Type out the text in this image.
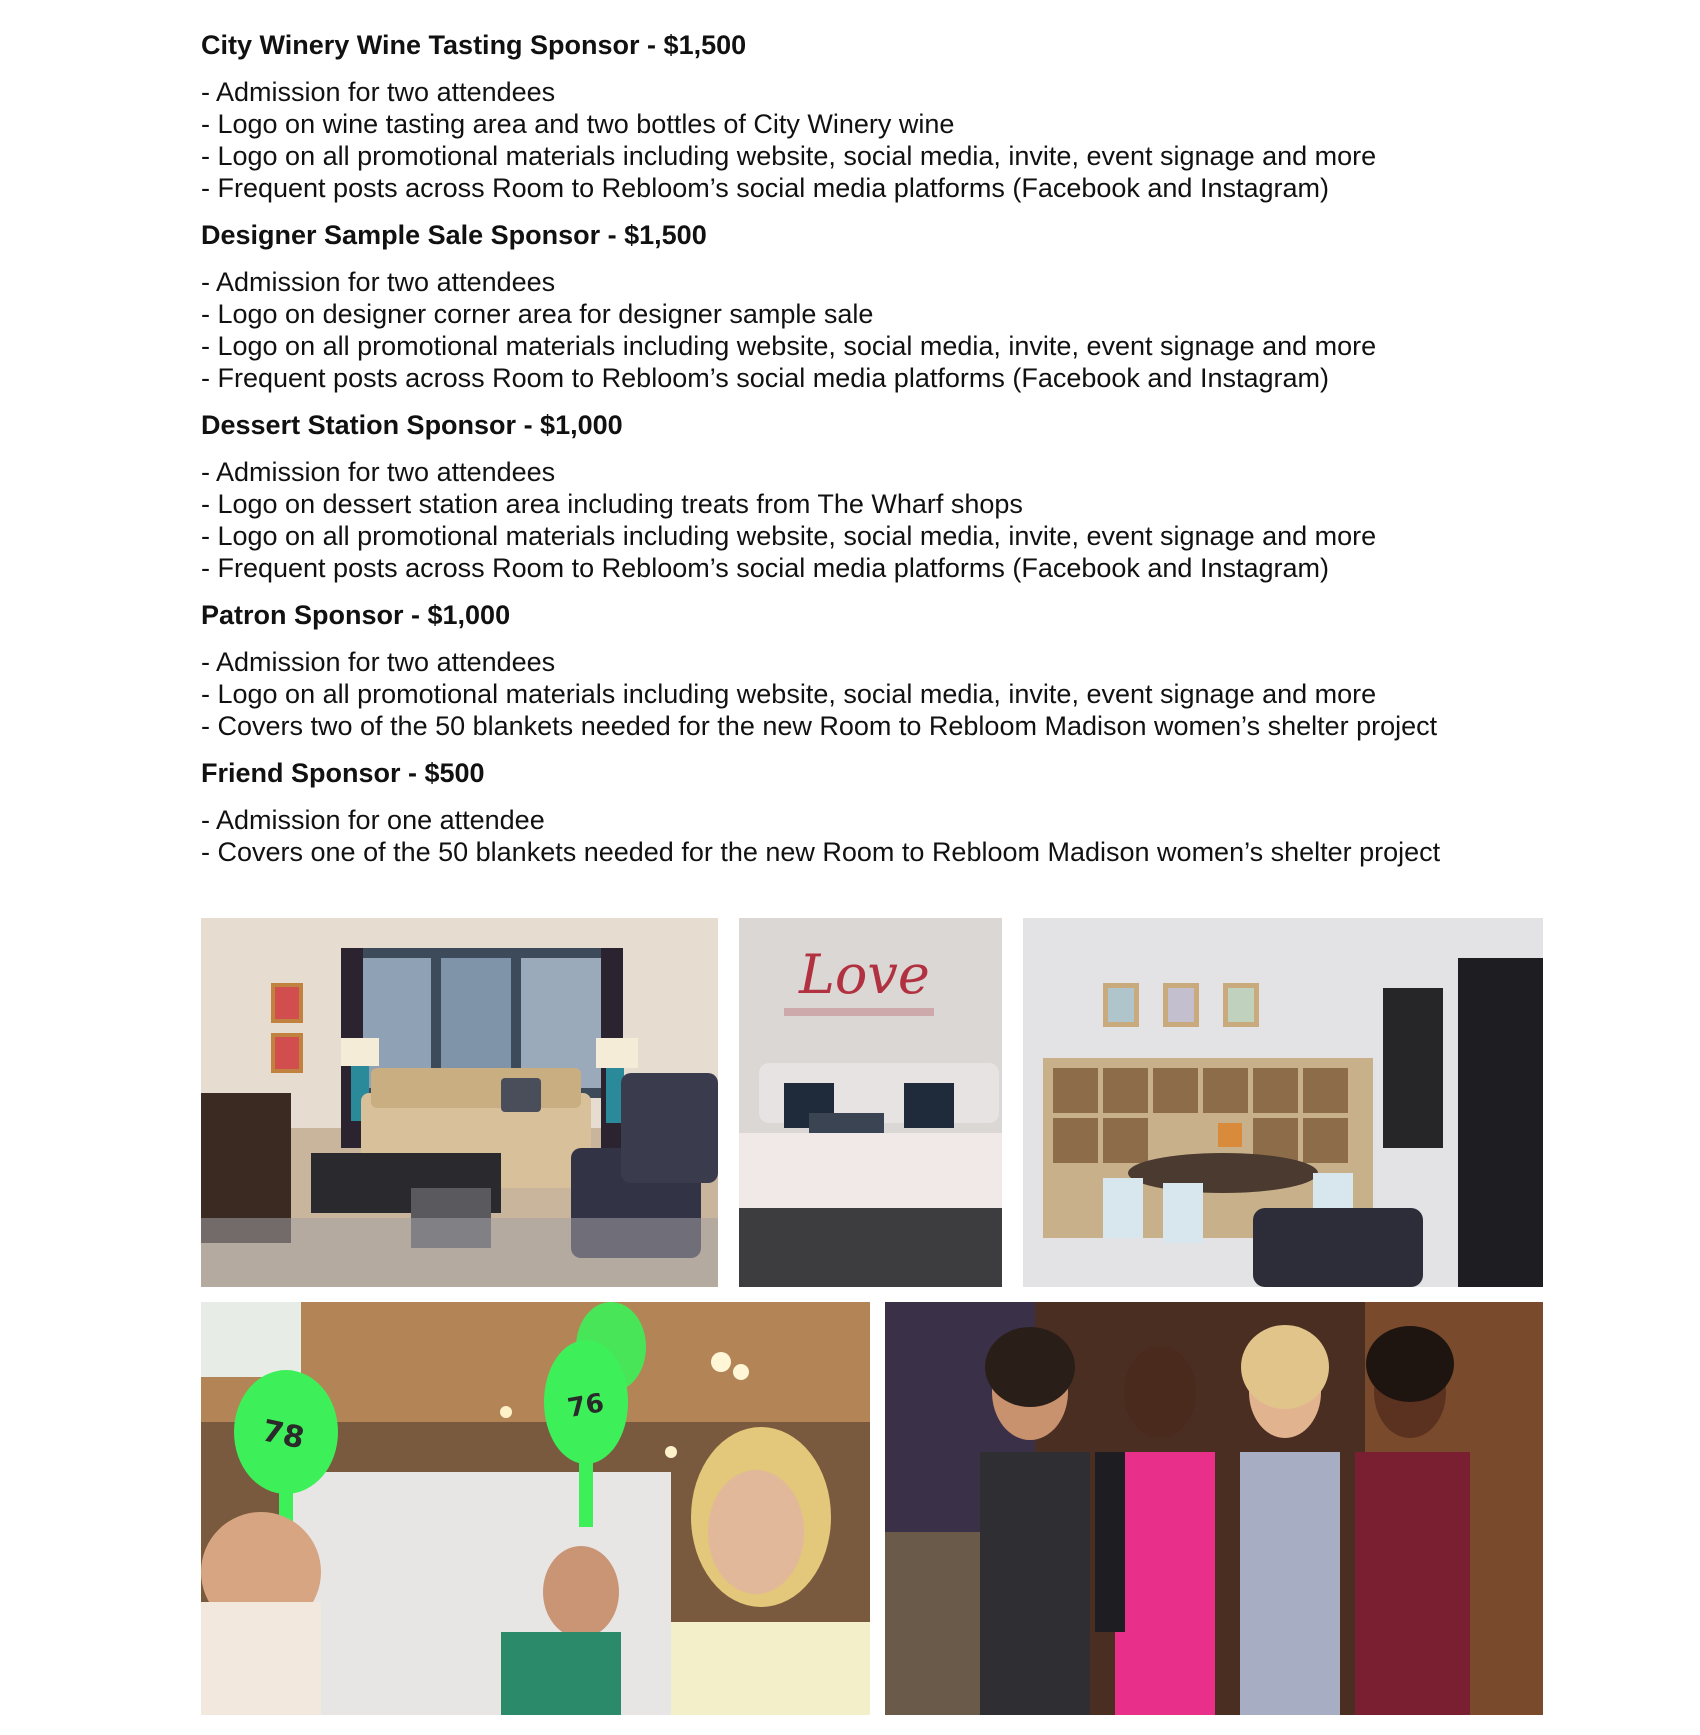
City Winery Wine Tasting Sponsor - $1,500
- Admission for two attendees
- Logo on wine tasting area and two bottles of City Winery wine
- Logo on all promotional materials including website, social media, invite, event signage and more
- Frequent posts across Room to Rebloom’s social media platforms (Facebook and Instagram)
Designer Sample Sale Sponsor - $1,500
- Admission for two attendees
- Logo on designer corner area for designer sample sale
- Logo on all promotional materials including website, social media, invite, event signage and more
- Frequent posts across Room to Rebloom’s social media platforms (Facebook and Instagram)
Dessert Station Sponsor - $1,000
- Admission for two attendees
- Logo on dessert station area including treats from The Wharf shops
- Logo on all promotional materials including website, social media, invite, event signage and more
- Frequent posts across Room to Rebloom’s social media platforms (Facebook and Instagram)
Patron Sponsor - $1,000
- Admission for two attendees
- Logo on all promotional materials including website, social media, invite, event signage and more
- Covers two of the 50 blankets needed for the new Room to Rebloom Madison women’s shelter project
Friend Sponsor - $500
- Admission for one attendee
- Covers one of the 50 blankets needed for the new Room to Rebloom Madison women’s shelter project
Love
78
76
